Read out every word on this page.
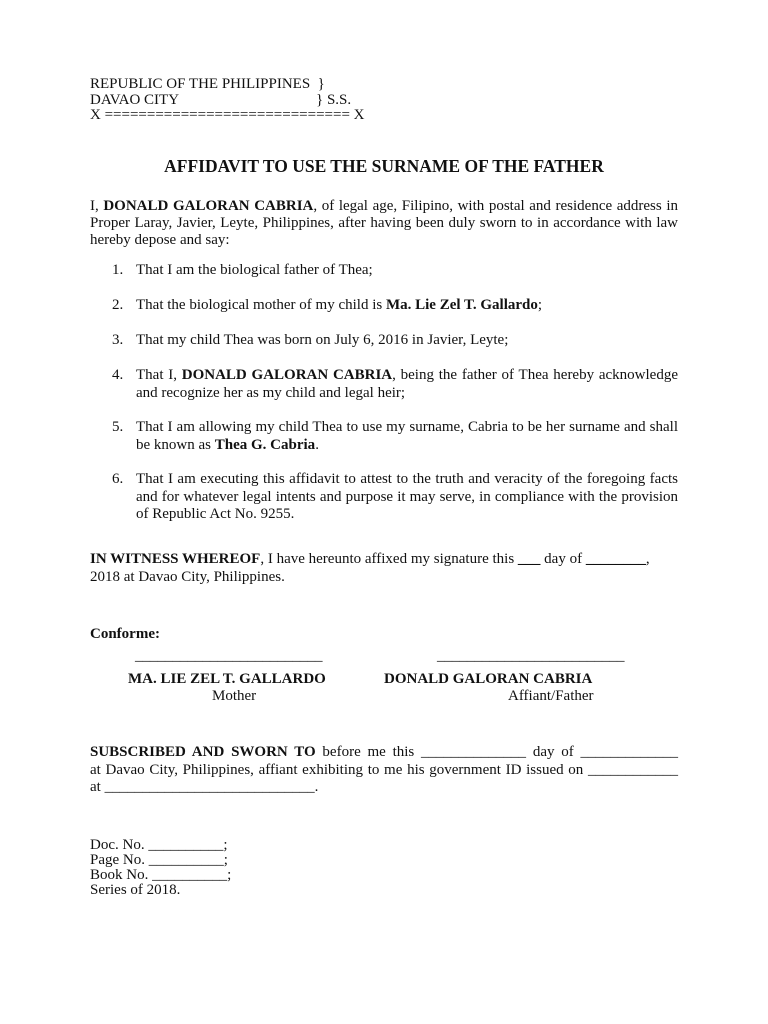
REPUBLIC OF THE PHILIPPINES  }
DAVAO CITY	} S.S.
X ============================= X
AFFIDAVIT TO USE THE SURNAME OF THE FATHER
I, DONALD GALORAN CABRIA, of legal age, Filipino, with postal and residence address in
Proper Laray, Javier, Leyte, Philippines, after having been duly sworn to in accordance with law
hereby depose and say:
1. That I am the biological father of Thea;
2. That the biological mother of my child is Ma. Lie Zel T. Gallardo;
3. That my child Thea was born on July 6, 2016 in Javier, Leyte;
4. That I, DONALD GALORAN CABRIA, being the father of Thea hereby acknowledge
and recognize her as my child and legal heir;
5. That I am allowing my child Thea to use my surname, Cabria to be her surname and shall
be known as Thea G. Cabria.
6. That I am executing this affidavit to attest to the truth and veracity of the foregoing facts
and for whatever legal intents and purpose it may serve, in compliance with the provision
of Republic Act No. 9255.
IN WITNESS WHEREOF, I have hereunto affixed my signature this ___ day of ________,
2018 at Davao City, Philippines.
Conforme:
_________________________	_________________________
MA. LIE ZEL T. GALLARDO	DONALD GALORAN CABRIA
Mother	Affiant/Father
SUBSCRIBED AND SWORN TO before me this ______________ day of _____________
at Davao City, Philippines, affiant exhibiting to me his government ID issued on ____________
at ____________________________.
Doc. No. __________;
Page No. __________;
Book No. __________;
Series of 2018.
